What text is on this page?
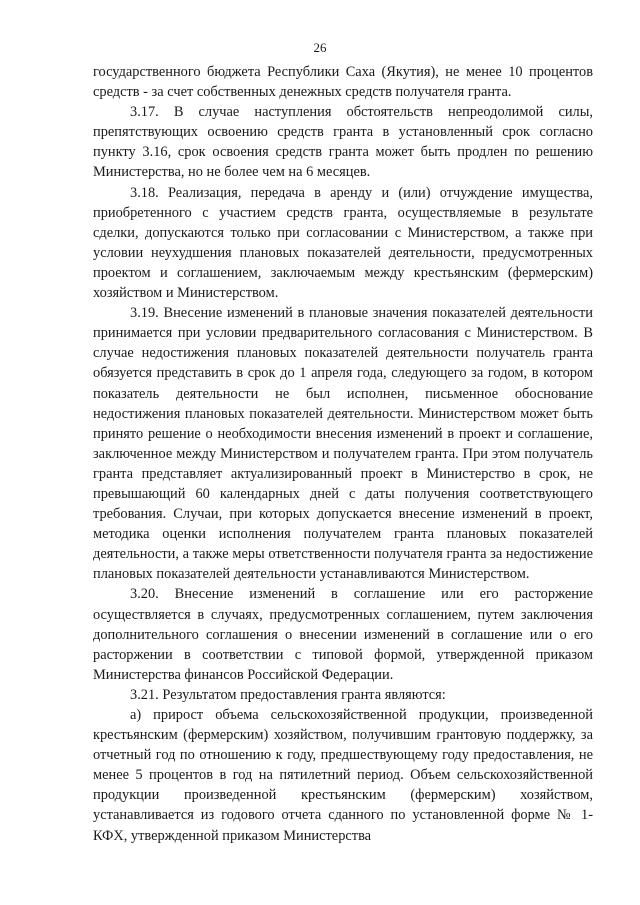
26

государственного бюджета Республики Саха (Якутия), не менее 10 процентов средств - за счет собственных денежных средств получателя гранта.

3.17. В случае наступления обстоятельств непреодолимой силы, препятствующих освоению средств гранта в установленный срок согласно пункту 3.16, срок освоения средств гранта может быть продлен по решению Министерства, но не более чем на 6 месяцев.

3.18. Реализация, передача в аренду и (или) отчуждение имущества, приобретенного с участием средств гранта, осуществляемые в результате сделки, допускаются только при согласовании с Министерством, а также при условии неухудшения плановых показателей деятельности, предусмотренных проектом и соглашением, заключаемым между крестьянским (фермерским) хозяйством и Министерством.

3.19. Внесение изменений в плановые значения показателей деятельности принимается при условии предварительного согласования с Министерством. В случае недостижения плановых показателей деятельности получатель гранта обязуется представить в срок до 1 апреля года, следующего за годом, в котором показатель деятельности не был исполнен, письменное обоснование недостижения плановых показателей деятельности. Министерством может быть принято решение о необходимости внесения изменений в проект и соглашение, заключенное между Министерством и получателем гранта. При этом получатель гранта представляет актуализированный проект в Министерство в срок, не превышающий 60 календарных дней с даты получения соответствующего требования. Случаи, при которых допускается внесение изменений в проект, методика оценки исполнения получателем гранта плановых показателей деятельности, а также меры ответственности получателя гранта за недостижение плановых показателей деятельности устанавливаются Министерством.

3.20. Внесение изменений в соглашение или его расторжение осуществляется в случаях, предусмотренных соглашением, путем заключения дополнительного соглашения о внесении изменений в соглашение или о его расторжении в соответствии с типовой формой, утвержденной приказом Министерства финансов Российской Федерации.

3.21. Результатом предоставления гранта являются:

а) прирост объема сельскохозяйственной продукции, произведенной крестьянским (фермерским) хозяйством, получившим грантовую поддержку, за отчетный год по отношению к году, предшествующему году предоставления, не менее 5 процентов в год на пятилетний период. Объем сельскохозяйственной продукции произведенной крестьянским (фермерским) хозяйством, устанавливается из годового отчета сданного по установленной форме № 1-КФХ, утвержденной приказом Министерства
